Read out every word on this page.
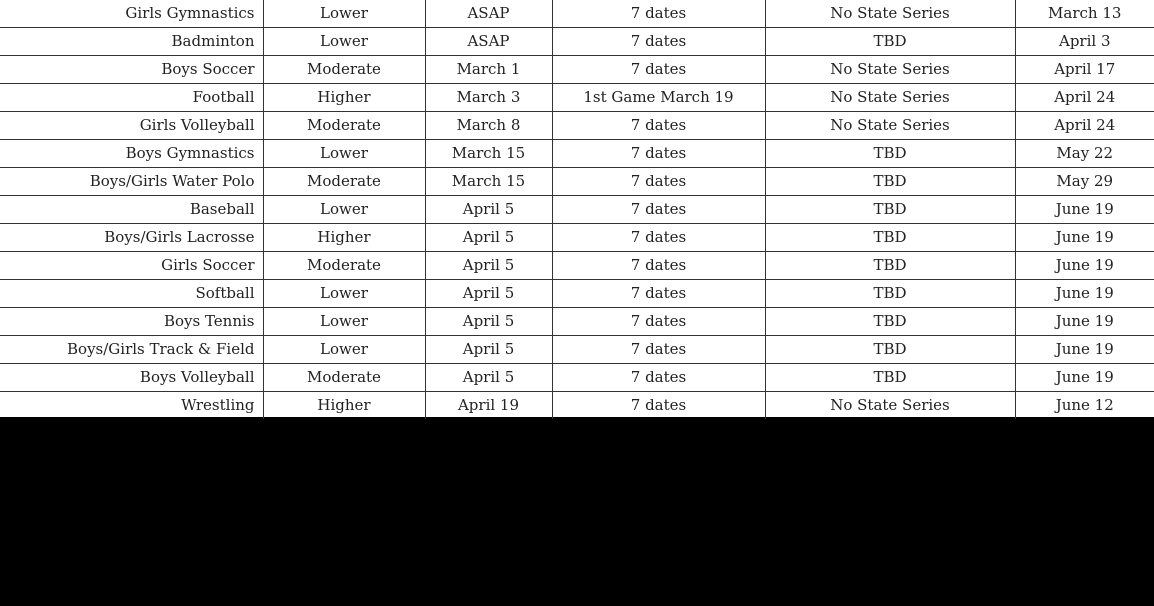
Girls Gymnastics	Lower	ASAP	7 dates	No State Series	March 13
Badminton	Lower	ASAP	7 dates	TBD	April 3
Boys Soccer	Moderate	March 1	7 dates	No State Series	April 17
Football	Higher	March 3	1st Game March 19	No State Series	April 24
Girls Volleyball	Moderate	March 8	7 dates	No State Series	April 24
Boys Gymnastics	Lower	March 15	7 dates	TBD	May 22
Boys/Girls Water Polo	Moderate	March 15	7 dates	TBD	May 29
Baseball	Lower	April 5	7 dates	TBD	June 19
Boys/Girls Lacrosse	Higher	April 5	7 dates	TBD	June 19
Girls Soccer	Moderate	April 5	7 dates	TBD	June 19
Softball	Lower	April 5	7 dates	TBD	June 19
Boys Tennis	Lower	April 5	7 dates	TBD	June 19
Boys/Girls Track & Field	Lower	April 5	7 dates	TBD	June 19
Boys Volleyball	Moderate	April 5	7 dates	TBD	June 19
Wrestling	Higher	April 19	7 dates	No State Series	June 12
